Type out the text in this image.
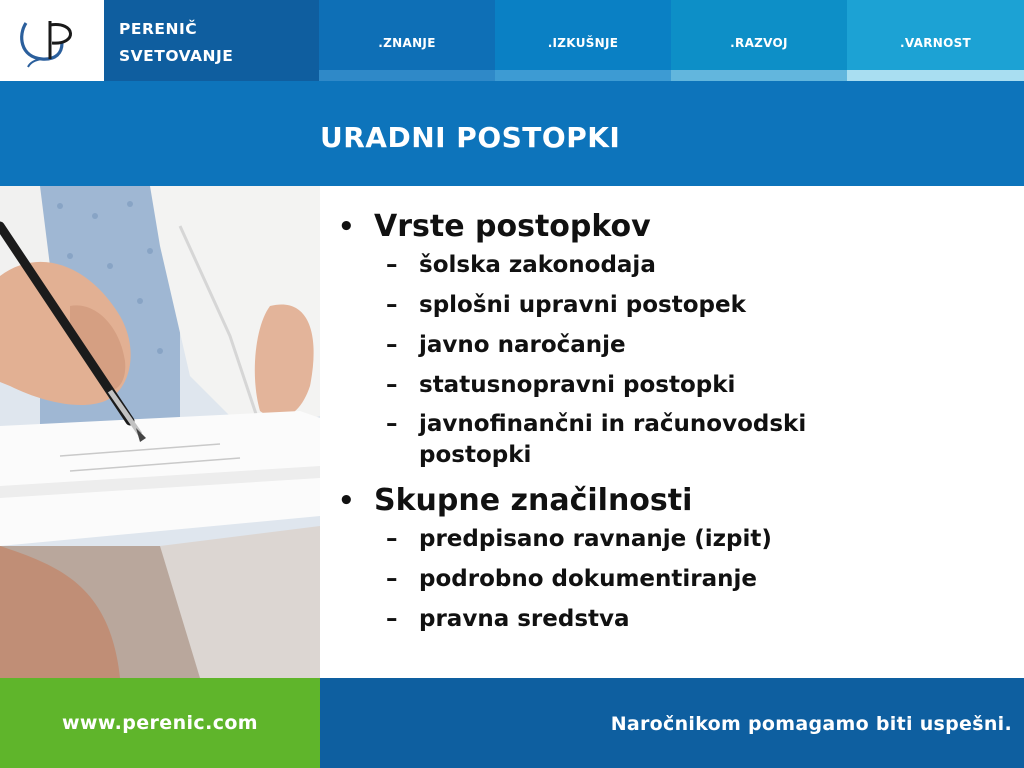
PERENIČ
SVETOVANJE
.ZNANJE	.IZKUŠNJE	.RAZVOJ	.VARNOST
URADNI POSTOPKI
• Vrste postopkov
– šolska zakonodaja
– splošni upravni postopek
– javno naročanje
– statusnopravni postopki
– javnofinančni in računovodski postopki
• Skupne značilnosti
– predpisano ravnanje (izpit)
– podrobno dokumentiranje
– pravna sredstva
www.perenic.com	Naročnikom pomagamo biti uspešni.
